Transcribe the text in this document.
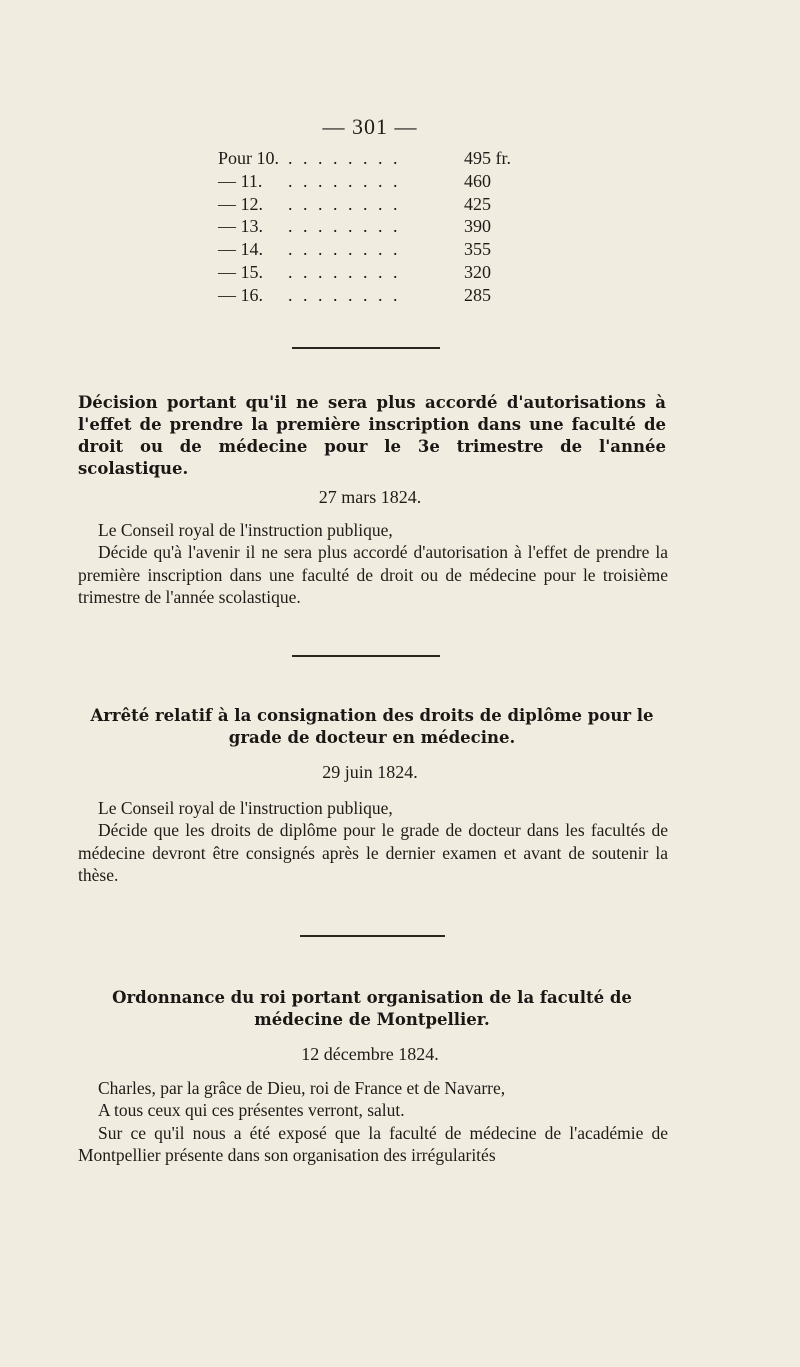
— 301 —
Pour 10. . . . . . . . .	495 fr.
— 11.	. . . . . . . .	460
— 12.	. . . . . . . .	425
— 13.	. . . . . . . .	390
— 14.	. . . . . . . .	355
— 15.	. . . . . . . .	320
— 16.	. . . . . . . .	285
Décision portant qu'il ne sera plus accordé d'autorisations à l'effet de prendre la première inscription dans une faculté de droit ou de médecine pour le 3e trimestre de l'année scolastique.
27 mars 1824.

Le Conseil royal de l'instruction publique,

Décide qu'à l'avenir il ne sera plus accordé d'autorisation à l'effet de prendre la première inscription dans une faculté de droit ou de médecine pour le troisième trimestre de l'année scolastique.

Arrêté relatif à la consignation des droits de diplôme pour le grade de docteur en médecine.
29 juin 1824.

Le Conseil royal de l'instruction publique,

Décide que les droits de diplôme pour le grade de docteur dans les facultés de médecine devront être consignés après le dernier examen et avant de soutenir la thèse.

Ordonnance du roi portant organisation de la faculté de médecine de Montpellier.
12 décembre 1824.

Charles, par la grâce de Dieu, roi de France et de Navarre,

A tous ceux qui ces présentes verront, salut.

Sur ce qu'il nous a été exposé que la faculté de médecine de l'académie de Montpellier présente dans son organisation des irrégularités
